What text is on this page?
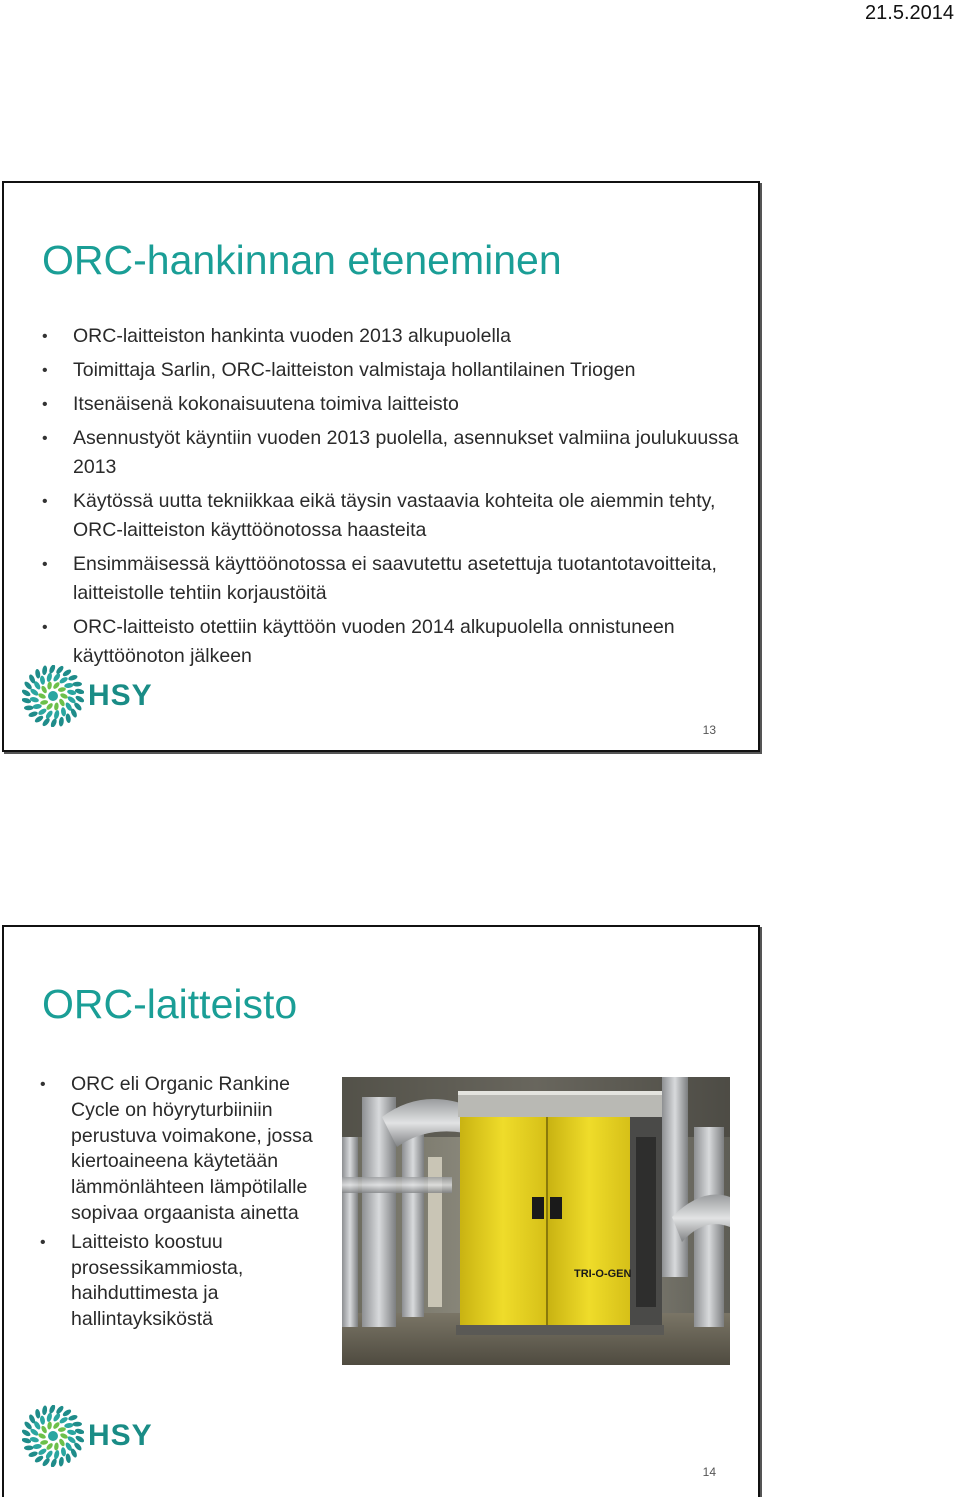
21.5.2014
ORC-hankinnan eteneminen
• ORC-laitteiston hankinta vuoden 2013 alkupuolella
• Toimittaja Sarlin, ORC-laitteiston valmistaja hollantilainen Triogen
• Itsenäisenä kokonaisuutena toimiva laitteisto
• Asennustyöt käyntiin vuoden 2013 puolella, asennukset valmiina joulukuussa 2013
• Käytössä uutta tekniikkaa eikä täysin vastaavia kohteita ole aiemmin tehty, ORC-laitteiston käyttöönotossa haasteita
• Ensimmäisessä käyttöönotossa ei saavutettu asetettuja tuotantotavoitteita, laitteistolle tehtiin korjaustöitä
• ORC-laitteisto otettiin käyttöön vuoden 2014 alkupuolella onnistuneen käyttöönoton jälkeen
HSY
13
ORC-laitteisto
• ORC eli Organic Rankine Cycle on höyryturbiiniin perustuva voimakone, jossa kiertoaineena käytetään lämmönlähteen lämpötilalle sopivaa orgaanista ainetta
• Laitteisto koostuu prosessikammiosta, haihduttimesta ja hallintayksiköstä
TRI-O-GEN
HSY
14
